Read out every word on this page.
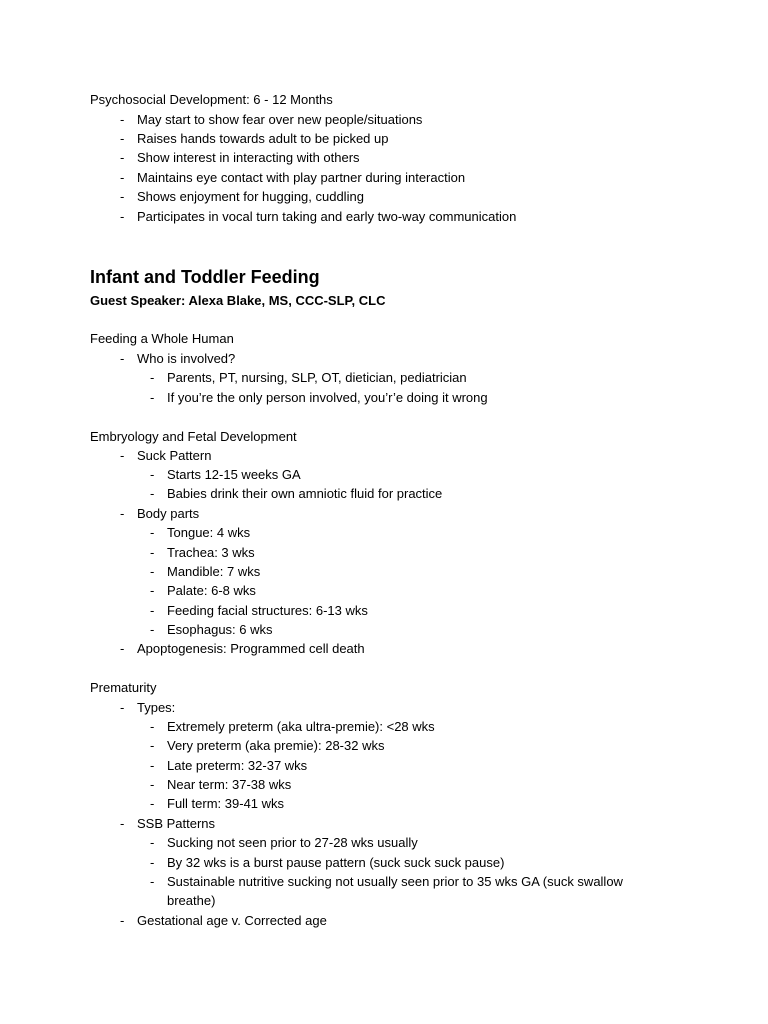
Psychosocial Development: 6 - 12 Months
- May start to show fear over new people/situations
- Raises hands towards adult to be picked up
- Show interest in interacting with others
- Maintains eye contact with play partner during interaction
- Shows enjoyment for hugging, cuddling
- Participates in vocal turn taking and early two-way communication
Infant and Toddler Feeding
Guest Speaker: Alexa Blake, MS, CCC-SLP, CLC
Feeding a Whole Human
- Who is involved?
- Parents, PT, nursing, SLP, OT, dietician, pediatrician
- If you’re the only person involved, you’r’e doing it wrong
Embryology and Fetal Development
- Suck Pattern
- Starts 12-15 weeks GA
- Babies drink their own amniotic fluid for practice
- Body parts
- Tongue: 4 wks
- Trachea: 3 wks
- Mandible: 7 wks
- Palate: 6-8 wks
- Feeding facial structures: 6-13 wks
- Esophagus: 6 wks
- Apoptogenesis: Programmed cell death
Prematurity
- Types:
- Extremely preterm (aka ultra-premie): <28 wks
- Very preterm (aka premie): 28-32 wks
- Late preterm: 32-37 wks
- Near term: 37-38 wks
- Full term: 39-41 wks
- SSB Patterns
- Sucking not seen prior to 27-28 wks usually
- By 32 wks is a burst pause pattern (suck suck suck pause)
- Sustainable nutritive sucking not usually seen prior to 35 wks GA (suck swallow
breathe)
- Gestational age v. Corrected age
